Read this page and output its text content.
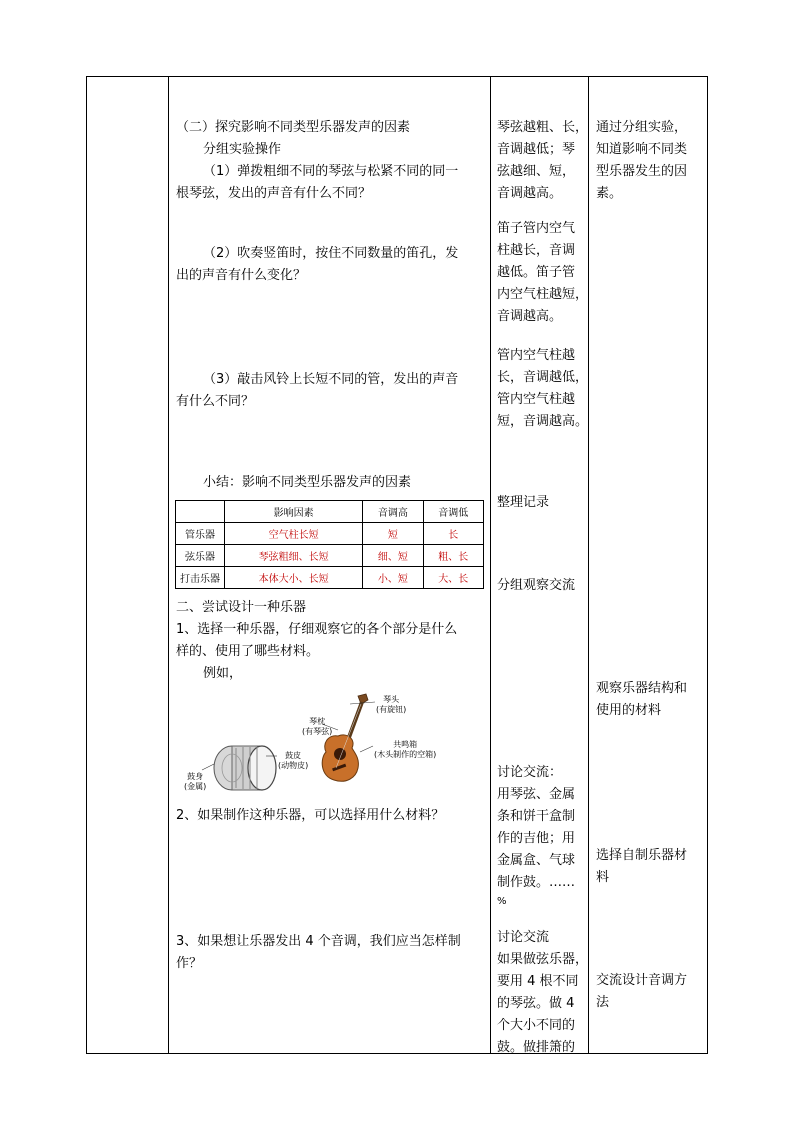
（二）探究影响不同类型乐器发声的因素
分组实验操作
（1）弹拨粗细不同的琴弦与松紧不同的同一
根琴弦，发出的声音有什么不同？
（2）吹奏竖笛时，按住不同数量的笛孔，发
出的声音有什么变化？
（3）敲击风铃上长短不同的管，发出的声音
有什么不同？
小结：影响不同类型乐器发声的因素
	影响因素	音调高	音调低
管乐器	空气柱长短	短	长
弦乐器	琴弦粗细、长短	细、短	粗、长
打击乐器	本体大小、长短	小、短	大、长
二、尝试设计一种乐器
1、选择一种乐器，仔细观察它的各个部分是什么
样的、使用了哪些材料。
例如，
琴头
(有旋钮)
琴枕
(有琴弦)
共鸣箱
(木头制作的空箱)
鼓皮
(动物皮)
鼓身
(金属)
2、如果制作这种乐器，可以选择用什么材料？
3、如果想让乐器发出 4 个音调，我们应当怎样制
作？
琴弦越粗、长，
音调越低；琴
弦越细、短，
音调越高。
笛子管内空气
柱越长，音调
越低。笛子管
内空气柱越短，
音调越高。
管内空气柱越
长，音调越低，
管内空气柱越
短，音调越高。
整理记录
分组观察交流
讨论交流：
用琴弦、金属
条和饼干盒制
作的吉他；用
金属盒、气球
制作鼓。……
%
讨论交流
如果做弦乐器，
要用 4 根不同
的琴弦。做 4
个大小不同的
鼓。做排箫的
通过分组实验，
知道影响不同类
型乐器发生的因
素。
观察乐器结构和
使用的材料
选择自制乐器材
料
交流设计音调方
法
